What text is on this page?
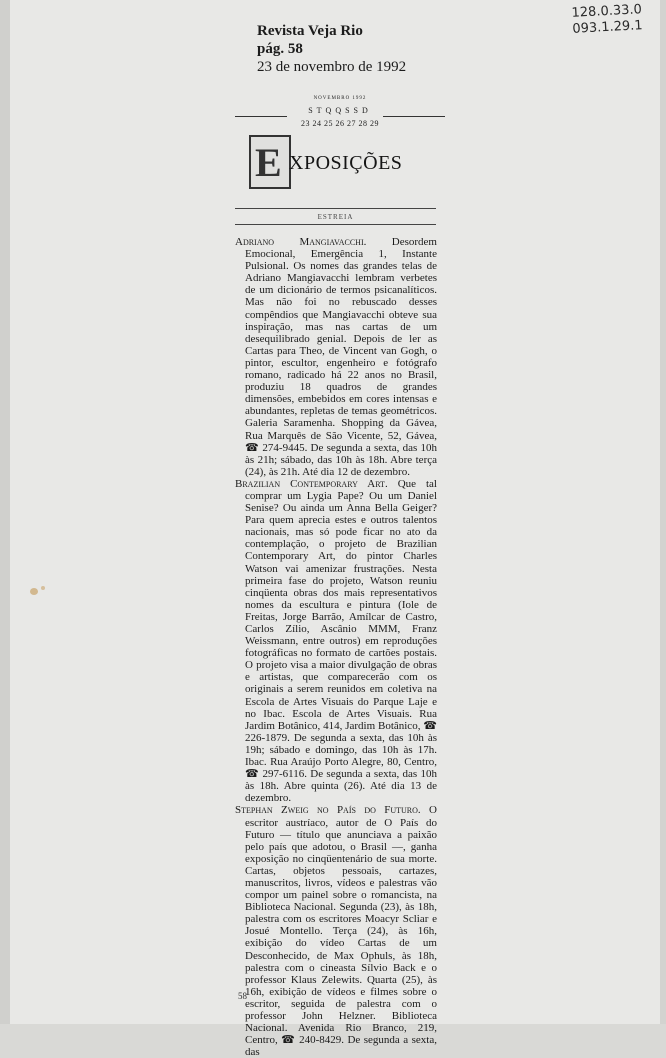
Revista Veja Rio
pág. 58
23 de novembro de 1992
128.0.33.0
093.1.29.1
NOVEMBRO 1992
STQQSSD
23 24 25 26 27 28 29
E XPOSIÇÕES
ESTREIA

Adriano Mangiavacchi. Desordem Emocional, Emergência 1, Instante Pulsional. Os nomes das grandes telas de Adriano Mangiavacchi lembram verbetes de um dicionário de termos psicanalíticos. Mas não foi no rebuscado desses compêndios que Mangiavacchi obteve sua inspiração, mas nas cartas de um desequilibrado genial. Depois de ler as Cartas para Theo, de Vincent van Gogh, o pintor, escultor, engenheiro e fotógrafo romano, radicado há 22 anos no Brasil, produziu 18 quadros de grandes dimensões, embebidos em cores intensas e abundantes, repletas de temas geométricos. Galeria Saramenha. Shopping da Gávea, Rua Marquês de São Vicente, 52, Gávea, ☎ 274-9445. De segunda a sexta, das 10h às 21h; sábado, das 10h às 18h. Abre terça (24), às 21h. Até dia 12 de dezembro.

Brazilian Contemporary Art. Que tal comprar um Lygia Pape? Ou um Daniel Senise? Ou ainda um Anna Bella Geiger? Para quem aprecia estes e outros talentos nacionais, mas só pode ficar no ato da contemplação, o projeto de Brazilian Contemporary Art, do pintor Charles Watson vai amenizar frustrações. Nesta primeira fase do projeto, Watson reuniu cinqüenta obras dos mais representativos nomes da escultura e pintura (Iole de Freitas, Jorge Barrão, Amílcar de Castro, Carlos Zílio, Ascânio MMM, Franz Weissmann, entre outros) em reproduções fotográficas no formato de cartões postais. O projeto visa a maior divulgação de obras e artistas, que comparecerão com os originais a serem reunidos em coletiva na Escola de Artes Visuais do Parque Laje e no Ibac. Escola de Artes Visuais. Rua Jardim Botânico, 414, Jardim Botânico, ☎ 226-1879. De segunda a sexta, das 10h às 19h; sábado e domingo, das 10h às 17h. Ibac. Rua Araújo Porto Alegre, 80, Centro, ☎ 297-6116. De segunda a sexta, das 10h às 18h. Abre quinta (26). Até dia 13 de dezembro.

Stephan Zweig no País do Futuro. O escritor austríaco, autor de O País do Futuro — título que anunciava a paixão pelo país que adotou, o Brasil —, ganha exposição no cinqüentenário de sua morte. Cartas, objetos pessoais, cartazes, manuscritos, livros, vídeos e palestras vão compor um painel sobre o romancista, na Biblioteca Nacional. Segunda (23), às 18h, palestra com os escritores Moacyr Scliar e Josué Montello. Terça (24), às 16h, exibição do vídeo Cartas de um Desconhecido, de Max Ophuls, às 18h, palestra com o cineasta Sílvio Back e o professor Klaus Zelewits. Quarta (25), às 16h, exibição de vídeos e filmes sobre o escritor, seguida de palestra com o professor John Helzner. Biblioteca Nacional. Avenida Rio Branco, 219, Centro, ☎ 240-8429. De segunda a sexta, das

58
